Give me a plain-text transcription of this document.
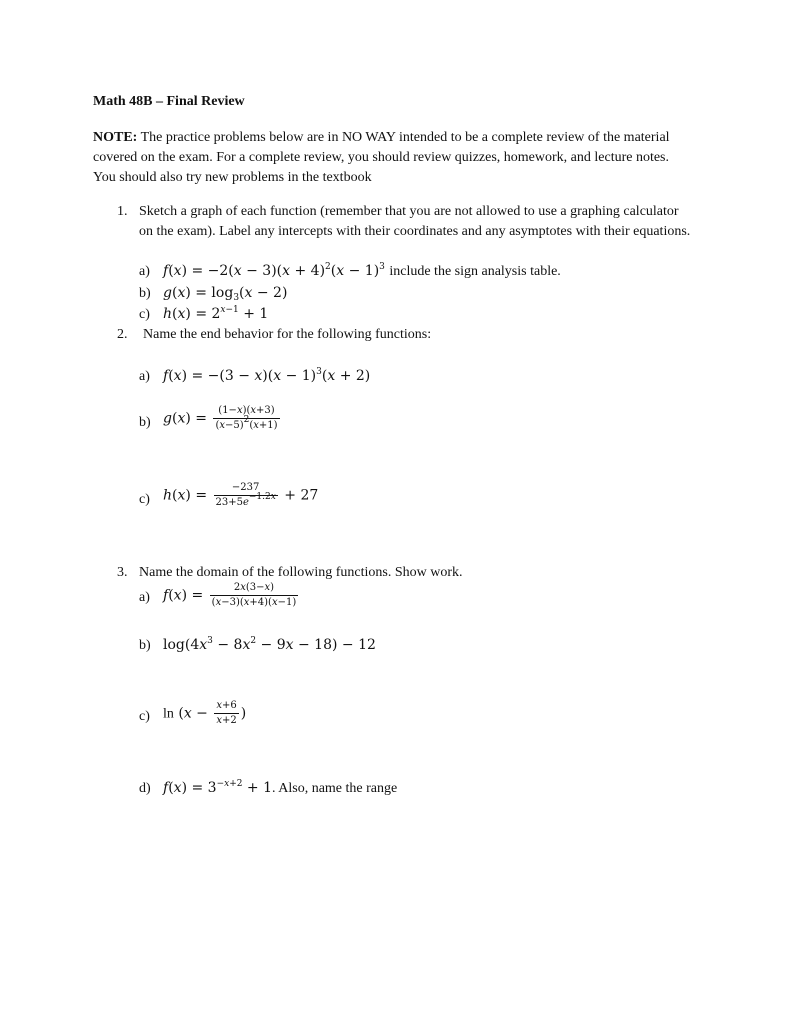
Math 48B – Final Review
NOTE: The practice problems below are in NO WAY intended to be a complete review of the material covered on the exam. For a complete review, you should review quizzes, homework, and lecture notes. You should also try new problems in the textbook
1. Sketch a graph of each function (remember that you are not allowed to use a graphing calculator on the exam). Label any intercepts with their coordinates and any asymptotes with their equations.
a) $f(x) = -2(x - 3)(x + 4)^2(x - 1)^3$ include the sign analysis table.
b) $g(x) = \log_3(x - 2)$
c) $h(x) = 2^{x-1} + 1$
2. Name the end behavior for the following functions:
a) $f(x) = -(3 - x)(x - 1)^3(x + 2)$
b) $g(x) = \frac{(1-x)(x+3)}{(x-5)^2(x+1)}$
c) $h(x) = \frac{-237}{23+5e^{-1.2x}} + 27$
3. Name the domain of the following functions. Show work.
a) $f(x) = \frac{2x(3-x)}{(x-3)(x+4)(x-1)}$
b) $\log(4x^3 - 8x^2 - 9x - 18) - 12$
c) $\ln (x - \frac{x+6}{x+2}$ )
d) $f(x) = 3^{-x+2} + 1$. Also, name the range
